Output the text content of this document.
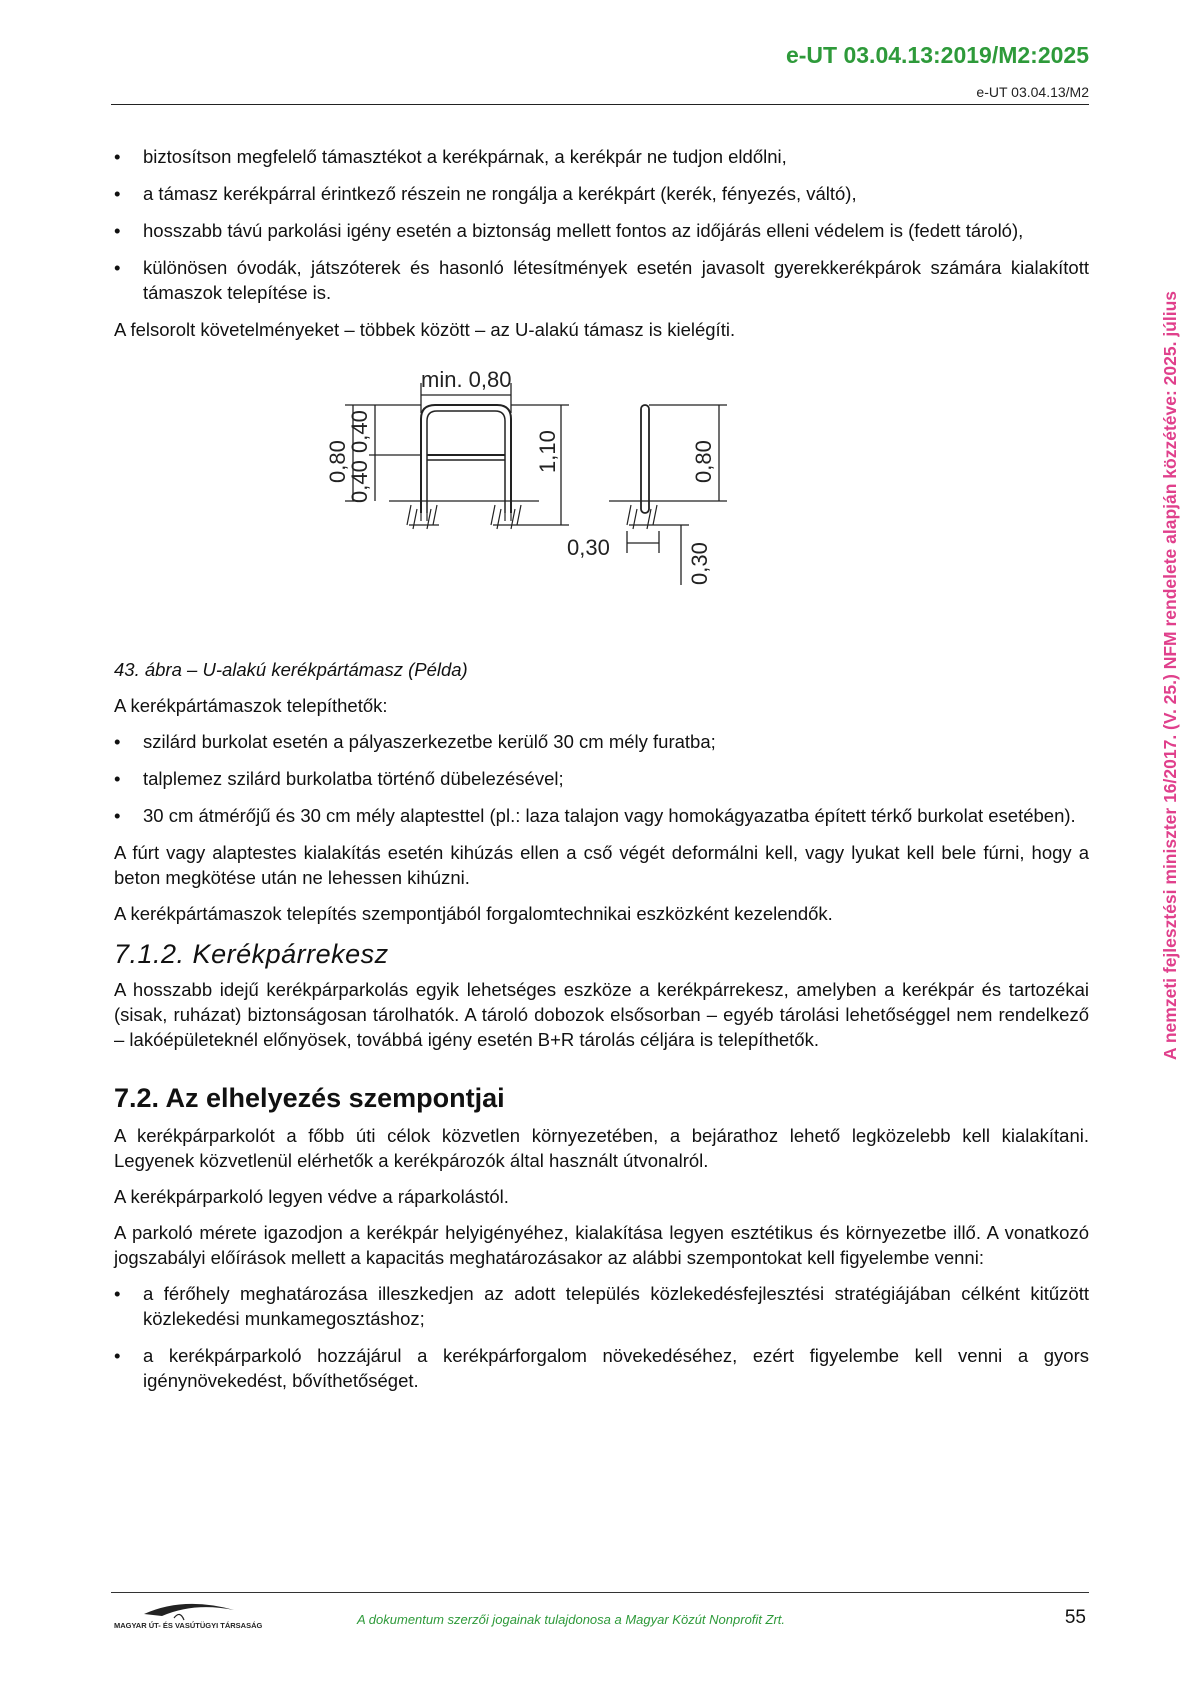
e-UT 03.04.13:2019/M2:2025
e-UT 03.04.13/M2
• biztosítson megfelelő támasztékot a kerékpárnak, a kerékpár ne tudjon eldőlni,
• a támasz kerékpárral érintkező részein ne rongálja a kerékpárt (kerék, fényezés, váltó),
• hosszabb távú parkolási igény esetén a biztonság mellett fontos az időjárás elleni védelem is (fedett tároló),
• különösen óvodák, játszóterek és hasonló létesítmények esetén javasolt gyerekkerékpárok számára kialakított támaszok telepítése is.

A felsorolt követelményeket – többek között – az U-alakú támasz is kielégíti.

min. 0,80
0,80
0,40
0,40	1,10	0,80
0,30	0,30

43. ábra – U-alakú kerékpártámasz (Példa)

A kerékpártámaszok telepíthetők:

• szilárd burkolat esetén a pályaszerkezetbe kerülő 30 cm mély furatba;
• talplemez szilárd burkolatba történő dübelezésével;
• 30 cm átmérőjű és 30 cm mély alaptesttel (pl.: laza talajon vagy homokágyazatba épített térkő burkolat esetében).

A fúrt vagy alaptestes kialakítás esetén kihúzás ellen a cső végét deformálni kell, vagy lyukat kell bele fúrni, hogy a beton megkötése után ne lehessen kihúzni.

A kerékpártámaszok telepítés szempontjából forgalomtechnikai eszközként kezelendők.

7.1.2. Kerékpárrekesz

A hosszabb idejű kerékpárparkolás egyik lehetséges eszköze a kerékpárrekesz, amelyben a kerékpár és tartozékai (sisak, ruházat) biztonságosan tárolhatók. A tároló dobozok elsősorban – egyéb tárolási lehetőséggel nem rendelkező – lakóépületeknél előnyösek, továbbá igény esetén B+R tárolás céljára is telepíthetők.

7.2. Az elhelyezés szempontjai

A kerékpárparkolót a főbb úti célok közvetlen környezetében, a bejárathoz lehető legközelebb kell kialakítani. Legyenek közvetlenül elérhetők a kerékpározók által használt útvonalról.

A kerékpárparkoló legyen védve a ráparkolástól.

A parkoló mérete igazodjon a kerékpár helyigényéhez, kialakítása legyen esztétikus és környezetbe illő. A vonatkozó jogszabályi előírások mellett a kapacitás meghatározásakor az alábbi szempontokat kell figyelembe venni:

• a férőhely meghatározása illeszkedjen az adott település közlekedésfejlesztési stratégiájában célként kitűzött közlekedési munkamegosztáshoz;
• a kerékpárparkoló hozzájárul a kerékpárforgalom növekedéséhez, ezért figyelembe kell venni a gyors igénynövekedést, bővíthetőséget.
A nemzeti fejlesztési miniszter 16/2017. (V. 25.) NFM rendelete alapján közzétéve: 2025. július
MAGYAR ÚT- ÉS VASÚTÜGYI TÁRSASÁG	A dokumentum szerzői jogainak tulajdonosa a Magyar Közút Nonprofit Zrt.	55
